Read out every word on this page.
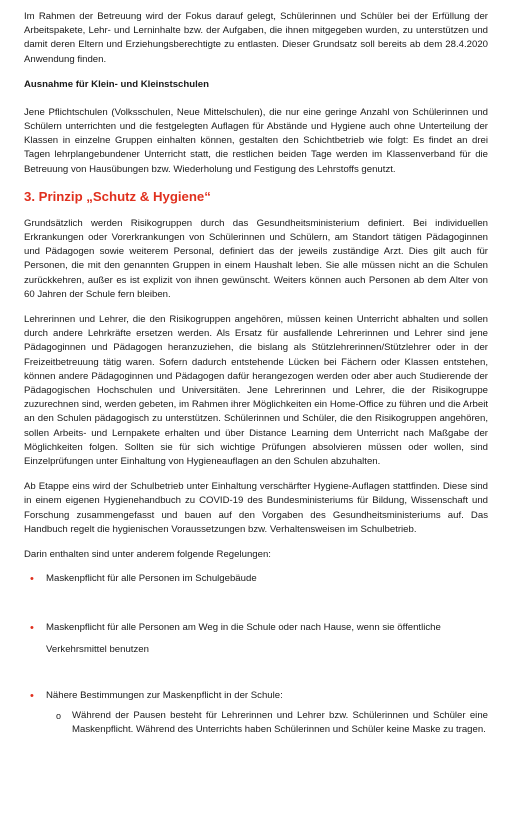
Im Rahmen der Betreuung wird der Fokus darauf gelegt, Schülerinnen und Schüler bei der Erfüllung der Arbeitspakete, Lehr- und Lerninhalte bzw. der Aufgaben, die ihnen mitgegeben wurden, zu unterstützen und damit deren Eltern und Erziehungsberechtigte zu entlasten. Dieser Grundsatz soll bereits ab dem 28.4.2020 Anwendung finden.

Ausnahme für Klein- und Kleinstschulen

Jene Pflichtschulen (Volksschulen, Neue Mittelschulen), die nur eine geringe Anzahl von Schülerinnen und Schülern unterrichten und die festgelegten Auflagen für Abstände und Hygiene auch ohne Unterteilung der Klassen in einzelne Gruppen einhalten können, gestalten den Schichtbetrieb wie folgt: Es findet an drei Tagen lehrplangebundener Unterricht statt, die restlichen beiden Tage werden im Klassenverband für die Betreuung von Hausübungen bzw. Wiederholung und Festigung des Lehrstoffs genutzt.

3. Prinzip „Schutz & Hygiene“

Grundsätzlich werden Risikogruppen durch das Gesundheitsministerium definiert. Bei individuellen Erkrankungen oder Vorerkrankungen von Schülerinnen und Schülern, am Standort tätigen Pädagoginnen und Pädagogen sowie weiterem Personal, definiert das der jeweils zuständige Arzt. Dies gilt auch für Personen, die mit den genannten Gruppen in einem Haushalt leben. Sie alle müssen nicht an die Schulen zurückkehren, außer es ist explizit von ihnen gewünscht. Weiters können auch Personen ab dem Alter von 60 Jahren der Schule fern bleiben.

Lehrerinnen und Lehrer, die den Risikogruppen angehören, müssen keinen Unterricht abhalten und sollen durch andere Lehrkräfte ersetzen werden. Als Ersatz für ausfallende Lehrerinnen und Lehrer sind jene Pädagoginnen und Pädagogen heranzuziehen, die bislang als Stützlehrerinnen/Stützlehrer oder in der Freizeitbetreuung tätig waren. Sofern dadurch entstehende Lücken bei Fächern oder Klassen entstehen, können andere Pädagoginnen und Pädagogen dafür herangezogen werden oder aber auch Studierende der Pädagogischen Hochschulen und Universitäten. Jene Lehrerinnen und Lehrer, die der Risikogruppe zuzurechnen sind, werden gebeten, im Rahmen ihrer Möglichkeiten ein Home-Office zu führen und die Arbeit an den Schulen pädagogisch zu unterstützen. Schülerinnen und Schüler, die den Risikogruppen angehören, sollen Arbeits- und Lernpakete erhalten und über Distance Learning dem Unterricht nach Maßgabe der Möglichkeiten folgen. Sollten sie für sich wichtige Prüfungen absolvieren müssen oder wollen, sind Einzelprüfungen unter Einhaltung von Hygieneauflagen an den Schulen abzuhalten.

Ab Etappe eins wird der Schulbetrieb unter Einhaltung verschärfter Hygiene-Auflagen stattfinden. Diese sind in einem eigenen Hygienehandbuch zu COVID-19 des Bundesministeriums für Bildung, Wissenschaft und Forschung zusammengefasst und bauen auf den Vorgaben des Gesundheitsministeriums auf. Das Handbuch regelt die hygienischen Voraussetzungen bzw. Verhaltensweisen im Schulbetrieb.

Darin enthalten sind unter anderem folgende Regelungen:

• Maskenpflicht für alle Personen im Schulgebäude
• Maskenpflicht für alle Personen am Weg in die Schule oder nach Hause, wenn sie öffentliche Verkehrsmittel benutzen
• Nähere Bestimmungen zur Maskenpflicht in der Schule:
o Während der Pausen besteht für Lehrerinnen und Lehrer bzw. Schülerinnen und Schüler eine Maskenpflicht. Während des Unterrichts haben Schülerinnen und Schüler keine Maske zu tragen.
